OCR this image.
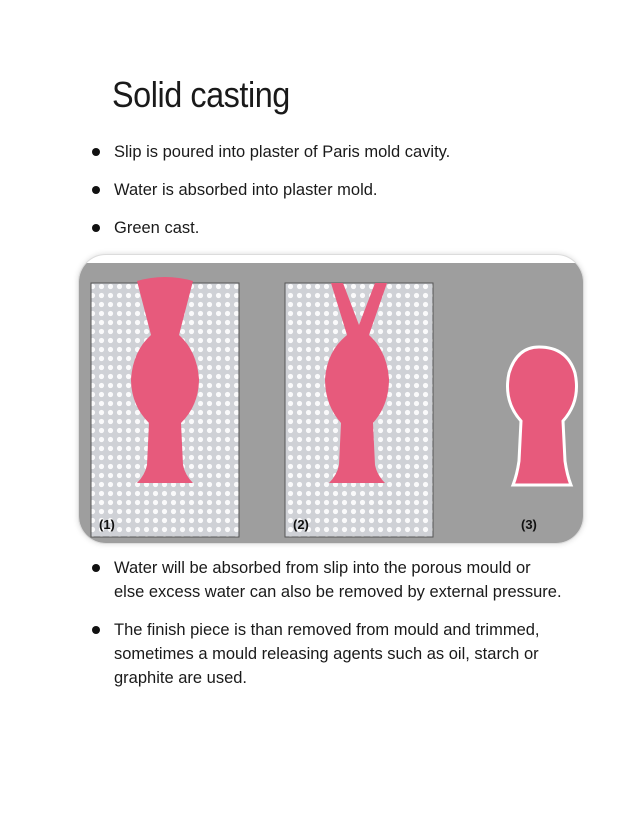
Solid casting
Slip is poured into plaster of Paris mold cavity.
Water is absorbed into plaster mold.
Green cast.
(1)	(2)	(3)
Water will be absorbed from slip into the porous mould or else excess water can also be removed by external pressure.
The finish piece is than removed from mould and trimmed, sometimes a mould releasing agents such as oil, starch or graphite are used.
